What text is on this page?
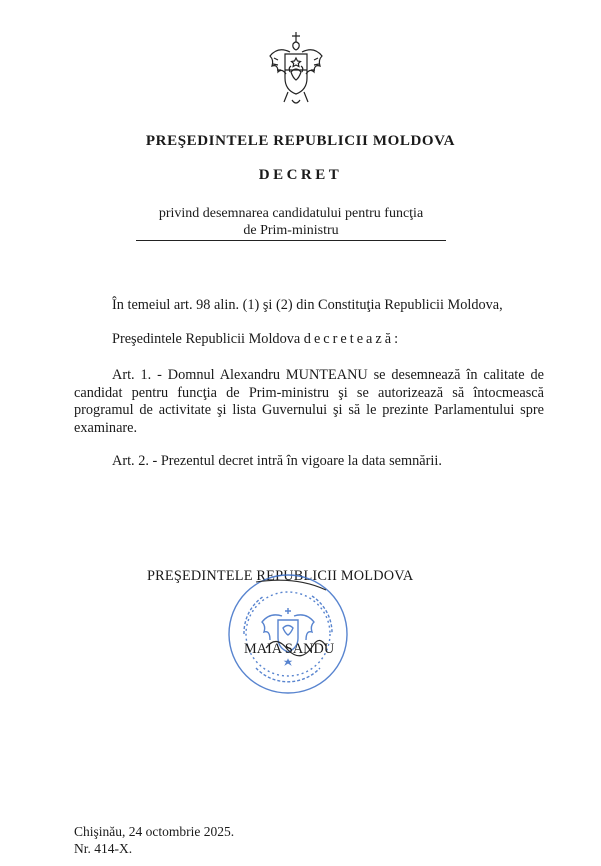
PREŞEDINTELE REPUBLICII MOLDOVA
DECRET
privind desemnarea candidatului pentru funcţia
de Prim-ministru
În temeiul art. 98 alin. (1) şi (2) din Constituţia Republicii Moldova,
Preşedintele Republicii Moldova decretează:
Art. 1. - Domnul Alexandru MUNTEANU se desemnează în calitate de candidat pentru funcţia de Prim-ministru şi se autorizează să întocmească programul de activitate şi lista Guvernului şi să le prezinte Parlamentului spre examinare.
Art. 2. - Prezentul decret intră în vigoare la data semnării.
PREŞEDINTELE REPUBLICII MOLDOVA
MAIA SANDU
Chişinău, 24 octombrie 2025.
Nr. 414-X.
